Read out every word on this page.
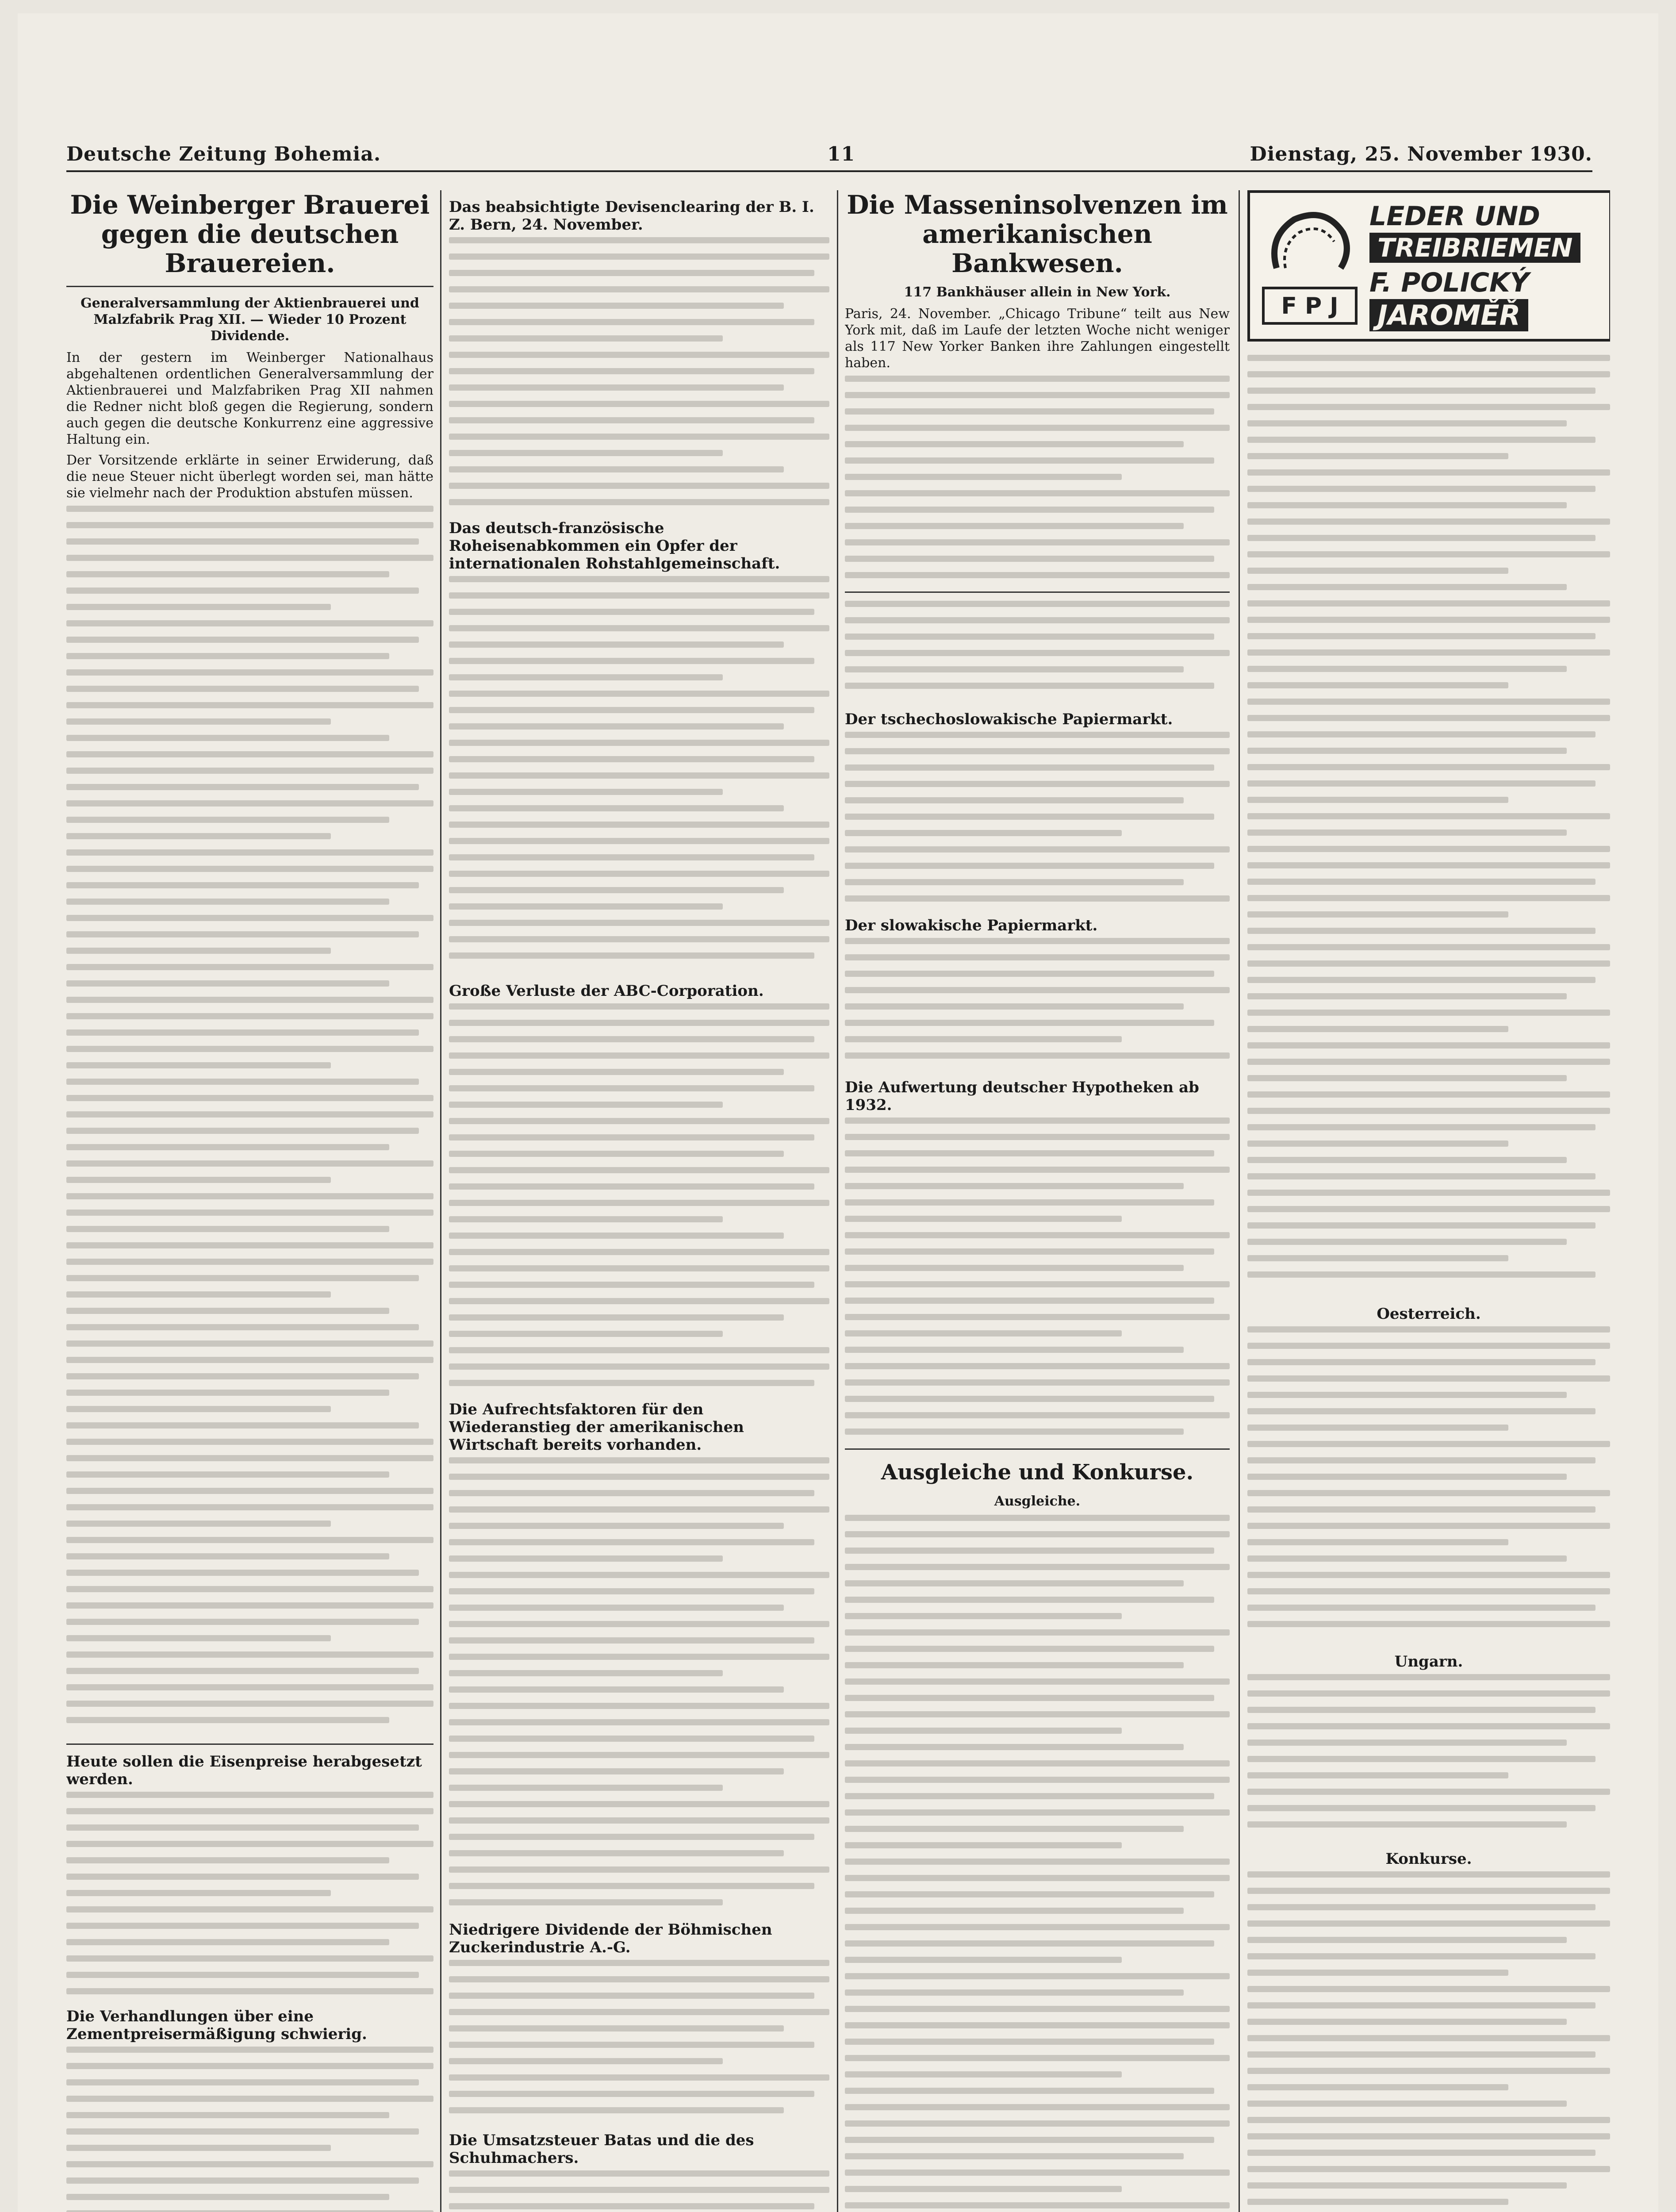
Deutsche Zeitung Bohemia.	11	Dienstag, 25. November 1930.
Die Weinberger Brauerei gegen die deutschen Brauereien.
Generalversammlung der Aktienbrauerei und Malzfabrik Prag XII. — Wieder 10 Prozent Dividende.

In der gestern im Weinberger Nationalhaus abgehaltenen ordentlichen Generalversammlung der Aktienbrauerei und Malzfabriken Prag XII nahmen die Redner nicht bloß gegen die Regierung, sondern auch gegen die deutsche Konkurrenz eine aggressive Haltung ein.

Der Vorsitzende erklärte in seiner Erwiderung, daß die neue Steuer nicht überlegt worden sei, man hätte sie vielmehr nach der Produktion abstufen müssen.

Heute sollen die Eisenpreise herabgesetzt werden.
Die Verhandlungen über eine Zementpreisermäßigung schwierig.
Das beabsichtigte Devisenclearing der B. I. Z. Bern, 24. November.
Das deutsch-französische Roheisenabkommen ein Opfer der internationalen Rohstahlgemeinschaft.
Große Verluste der ABC-Corporation.
Die Aufrechtsfaktoren für den Wiederanstieg der amerikanischen Wirtschaft bereits vorhanden.
Niedrigere Dividende der Böhmischen Zuckerindustrie A.-G.
Die Umsatzsteuer Batas und die des Schuhmachers.
Die Masseninsolvenzen im amerikanischen Bankwesen.
117 Bankhäuser allein in New York.

Paris, 24. November. „Chicago Tribune“ teilt aus New York mit, daß im Laufe der letzten Woche nicht weniger als 117 New Yorker Banken ihre Zahlungen eingestellt haben.

Der tschechoslowakische Papiermarkt.
Der slowakische Papiermarkt.
Die Aufwertung deutscher Hypotheken ab 1932.
Ausgleiche und Konkurse.
Ausgleiche.
F P J
LEDER UND
TREIBRIEMEN
F. POLICKÝ
JAROMĚŘ
Oesterreich.
Ungarn.
Konkurse.
